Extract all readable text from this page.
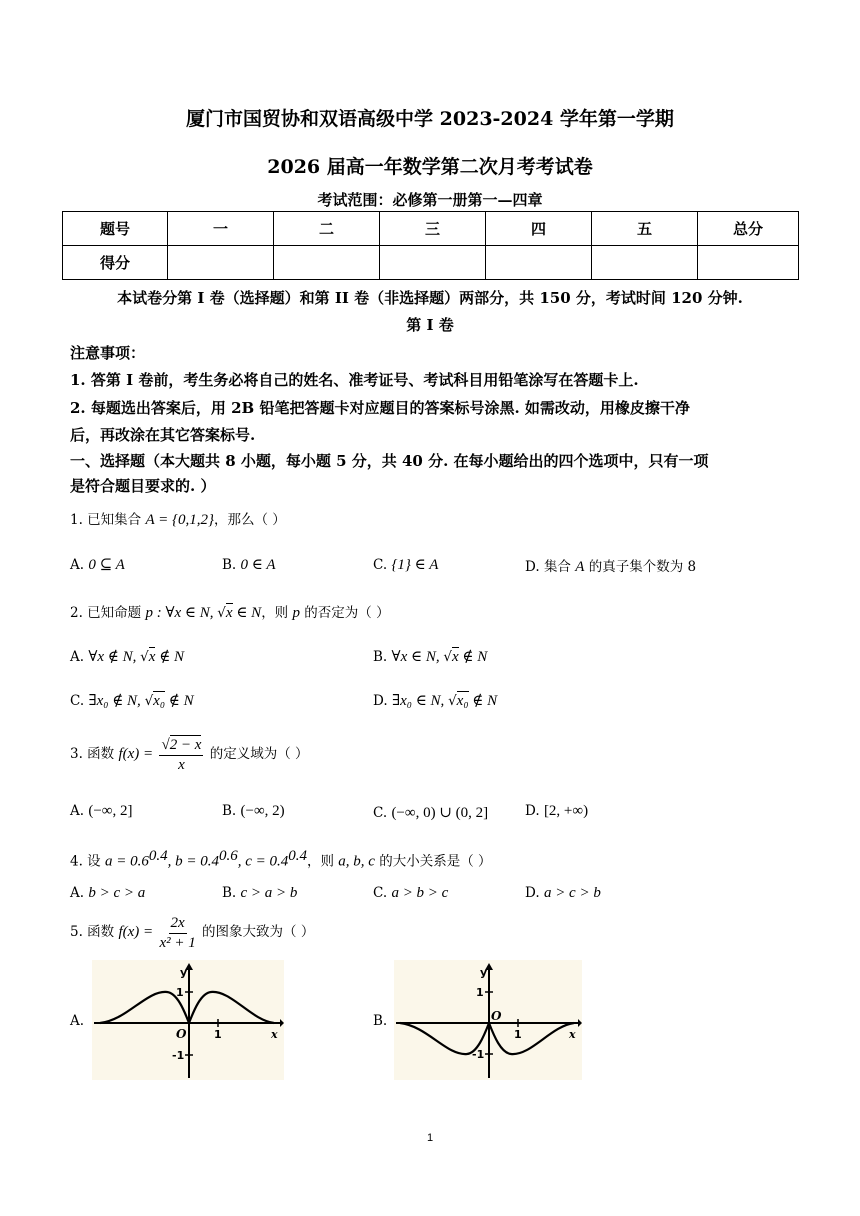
厦门市国贸协和双语高级中学 2023-2024 学年第一学期
2026 届高一年数学第二次月考考试卷
考试范围：必修第一册第一—四章
题号	一	二	三	四	五	总分
得分						
本试卷分第 I 卷（选择题）和第 II 卷（非选择题）两部分，共 150 分，考试时间 120 分钟.
第 I 卷
注意事项：
1. 答第 I 卷前，考生务必将自己的姓名、准考证号、考试科目用铅笔涂写在答题卡上.
2. 每题选出答案后，用 2B 铅笔把答题卡对应题目的答案标号涂黑. 如需改动，用橡皮擦干净
后，再改涂在其它答案标号.
一、选择题（本大题共 8 小题，每小题 5 分，共 40 分. 在每小题给出的四个选项中，只有一项
是符合题目要求的. ）
1. 已知集合 A = {0,1,2}，那么（ ）
A. 0 ⊆ A	B. 0 ∈ A	C. {1} ∈ A	D. 集合 A 的真子集个数为 8
2. 已知命题 p : ∀x ∈ N, √x ∈ N，则 p 的否定为（ ）
A. ∀x ∉ N, √x ∉ N	B. ∀x ∈ N, √x ∉ N
C. ∃x₀ ∉ N, √x₀ ∉ N	D. ∃x₀ ∈ N, √x₀ ∉ N
3. 函数 $f(x) = \frac{√2 - x}{x}$ 的定义域为（ ）
A. (−∞, 2]	B. (−∞, 2)	C. (−∞, 0) ∪ (0, 2]	D. [2, +∞)
4. 设 $a = 0.6^{0.4}$, $b = 0.4^{0.6}$, $c = 0.4^{0.4}$，则 a, b, c 的大小关系是（ ）
A. b > c > a	B. c > a > b	C. a > b > c	D. a > c > b
5. 函数 $f(x) = \frac{2x}{\text{x² + 1}}$ 的图象大致为（ ）
A.
y
x
O
1
-1
1
B.
y
x
O
1
-1
1
1
